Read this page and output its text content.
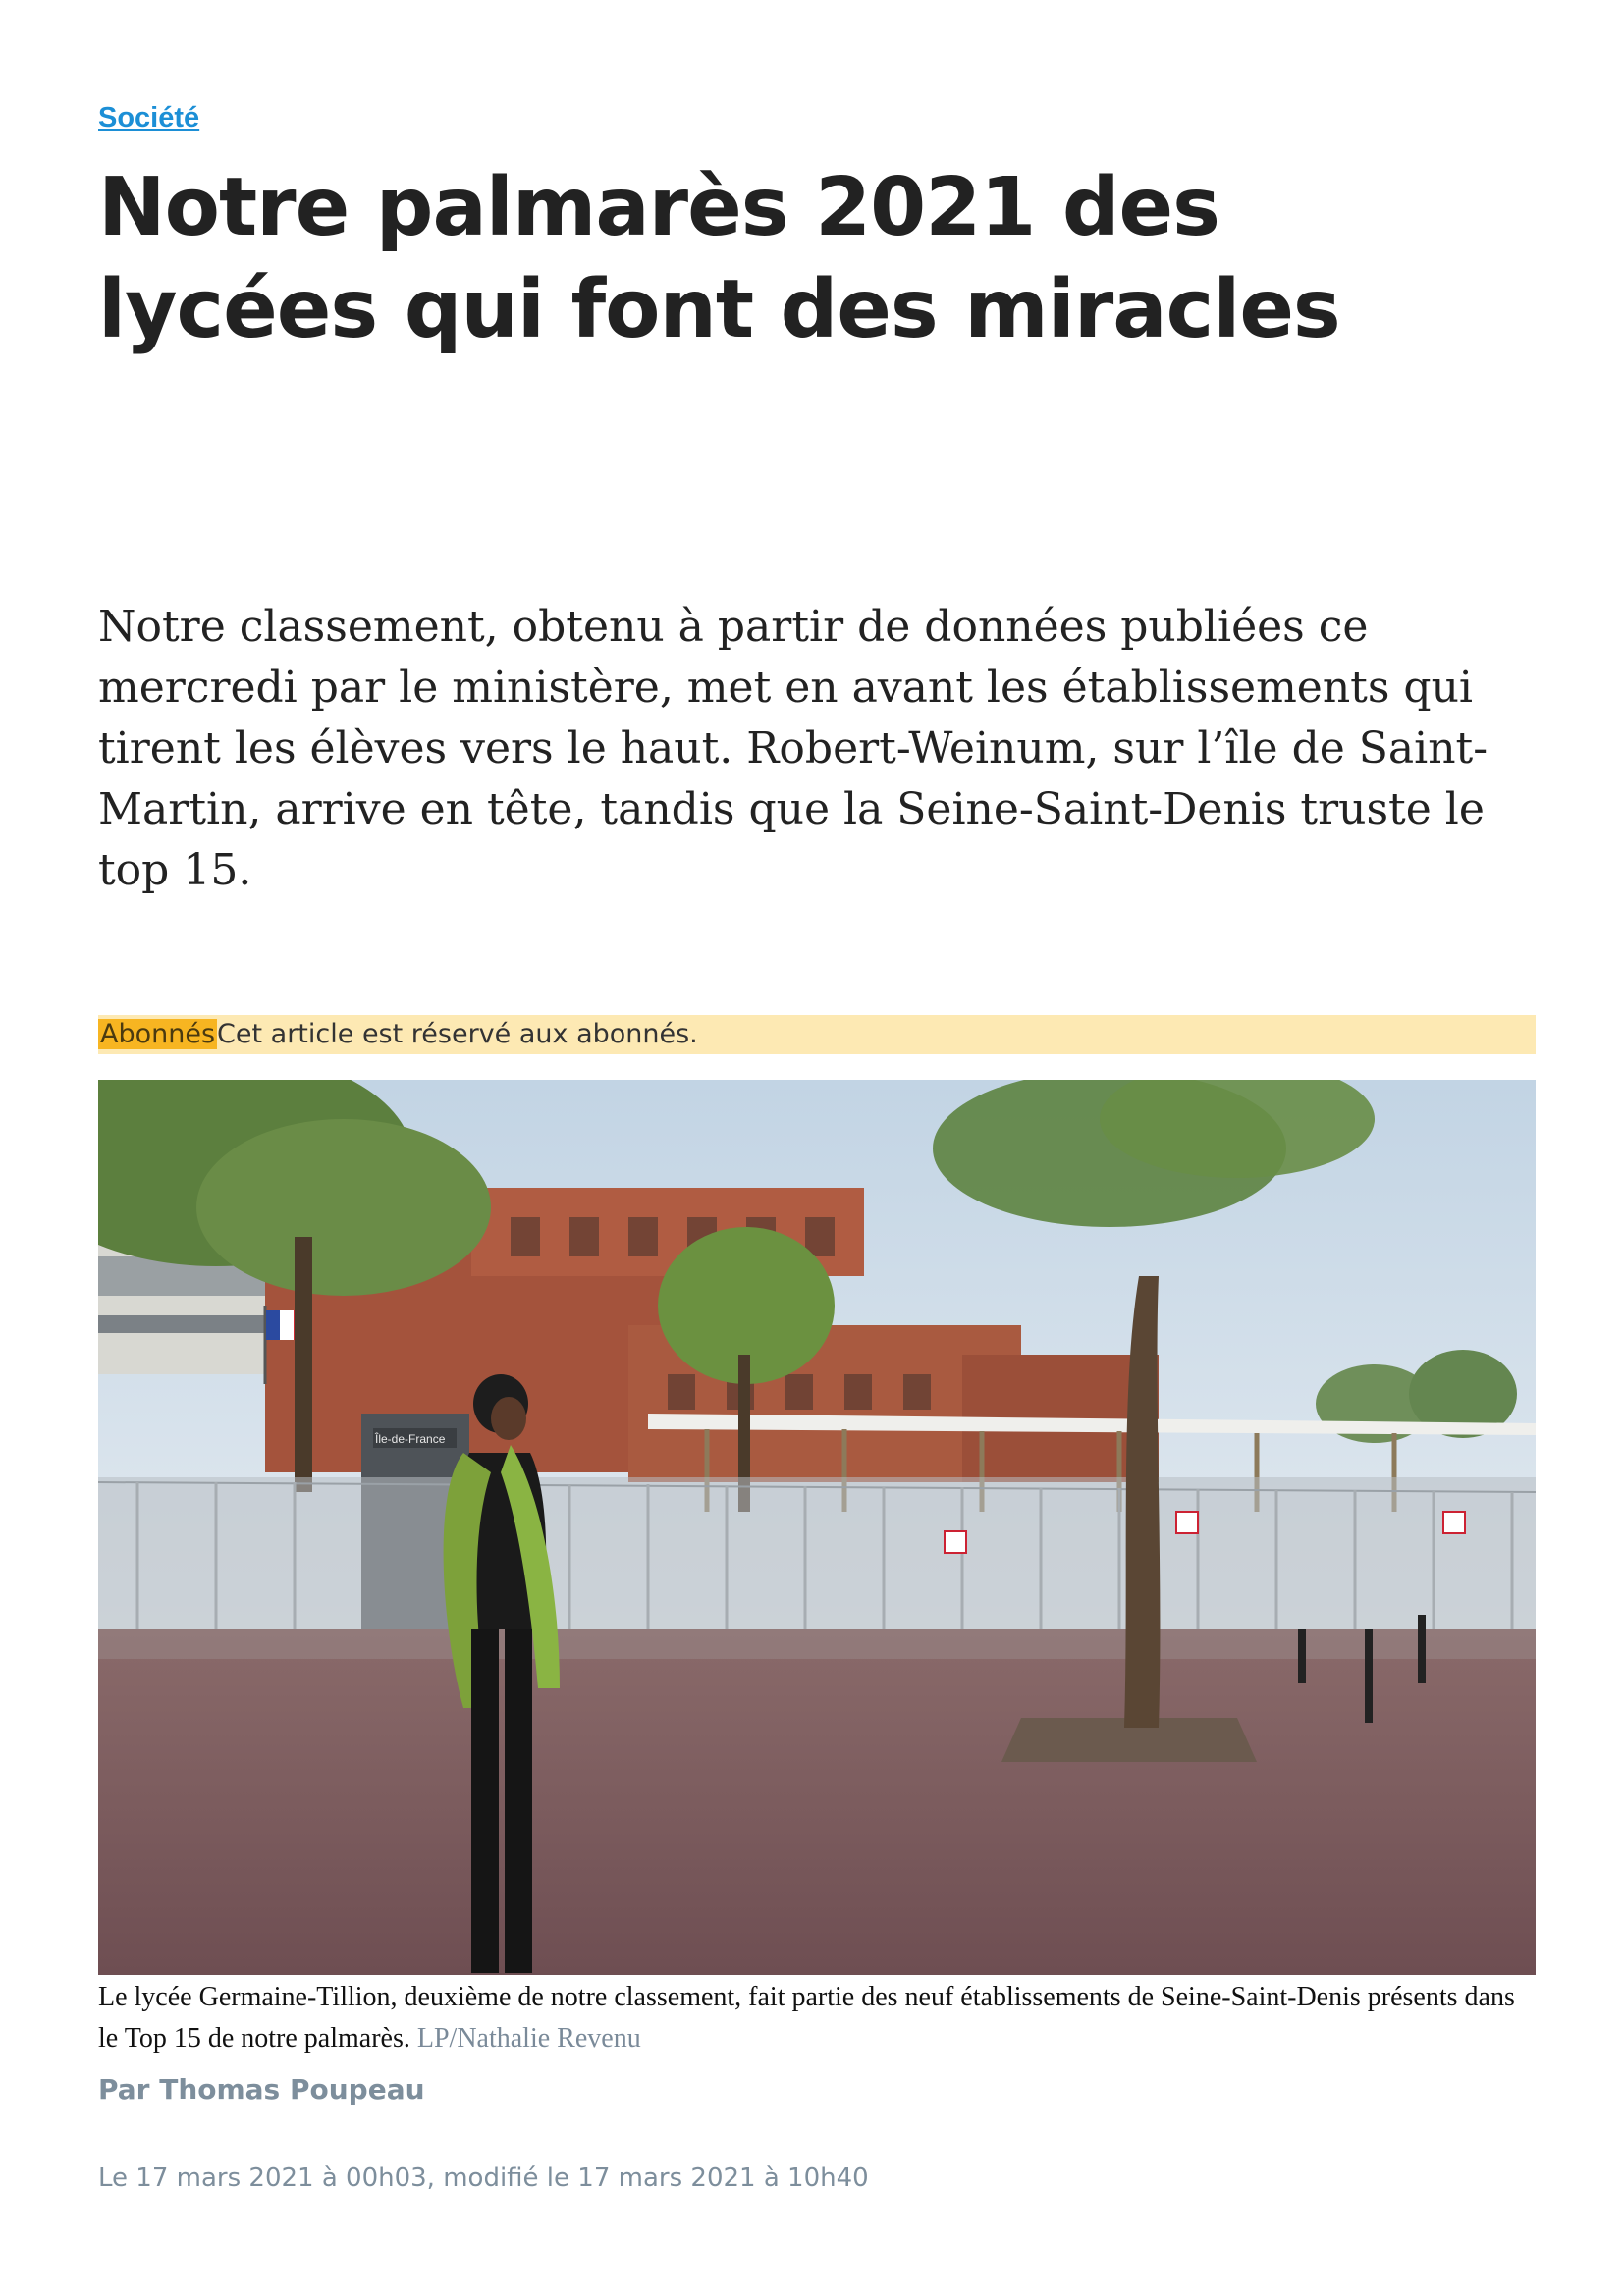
Société
Notre palmarès 2021 des lycées qui font des miracles

Notre classement, obtenu à partir de données publiées ce mercredi par le ministère, met en avant les établissements qui tirent les élèves vers le haut. Robert-Weinum, sur l’île de Saint-Martin, arrive en tête, tandis que la Seine-Saint-Denis truste le top 15.

AbonnésCet article est réservé aux abonnés.
Île-de-France

Le lycée Germaine-Tillion, deuxième de notre classement, fait partie des neuf établissements de Seine-Saint-Denis présents dans le Top 15 de notre palmarès. LP/Nathalie Revenu

Par Thomas Poupeau
Le 17 mars 2021 à 00h03, modifié le 17 mars 2021 à 10h40
